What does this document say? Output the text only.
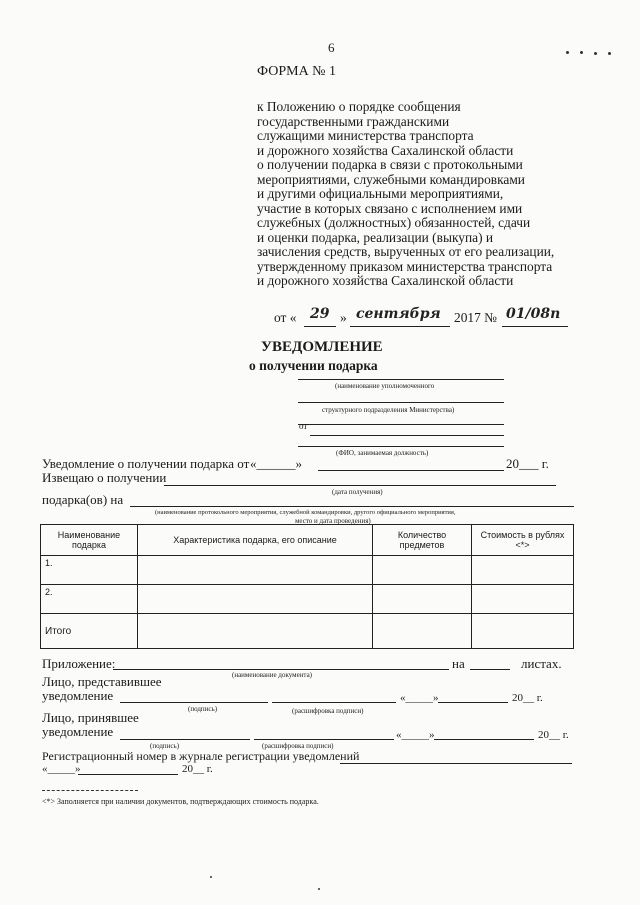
6
ФОРМА № 1
к Положению о порядке сообщения
государственными гражданскими
служащими министерства транспорта
и дорожного хозяйства Сахалинской области
о получении подарка в связи с протокольными
мероприятиями, служебными командировками
и другими официальными мероприятиями,
участие в которых связано с исполнением ими
служебных (должностных) обязанностей, сдачи
и оценки подарка, реализации (выкупа) и
зачисления средств, вырученных от его реализации,
утвержденному приказом министерства транспорта
и дорожного хозяйства Сахалинской области
от « 29 » сентября 2017 № 01/08п
УВЕДОМЛЕНИЕ
о получении подарка
(наименование уполномоченного
структурного подразделения Министерства)
от
(ФИО, занимаемая должность)
Уведомление о получении подарка от «______»	20___ г.
Извещаю о получении
(дата получения)
подарка(ов) на
(наименование протокольного мероприятия, служебной командировки, другого официального мероприятия,
место и дата проведения)
Наименование подарка	Характеристика подарка, его описание	Количество предметов	Стоимость в рублях <*>
1.			
2.			
Итого			
Приложение:
(наименование документа)
на	листах.
Лицо, представившее
уведомление	«_____»	20__ г.
(подпись)	(расшифровка подписи)
Лицо, принявшее
уведомление	«_____»	20__ г.
(подпись)	(расшифровка подписи)
Регистрационный номер в журнале регистрации уведомлений
«_____»	20__ г.
<*> Заполняется при наличии документов, подтверждающих стоимость подарка.
